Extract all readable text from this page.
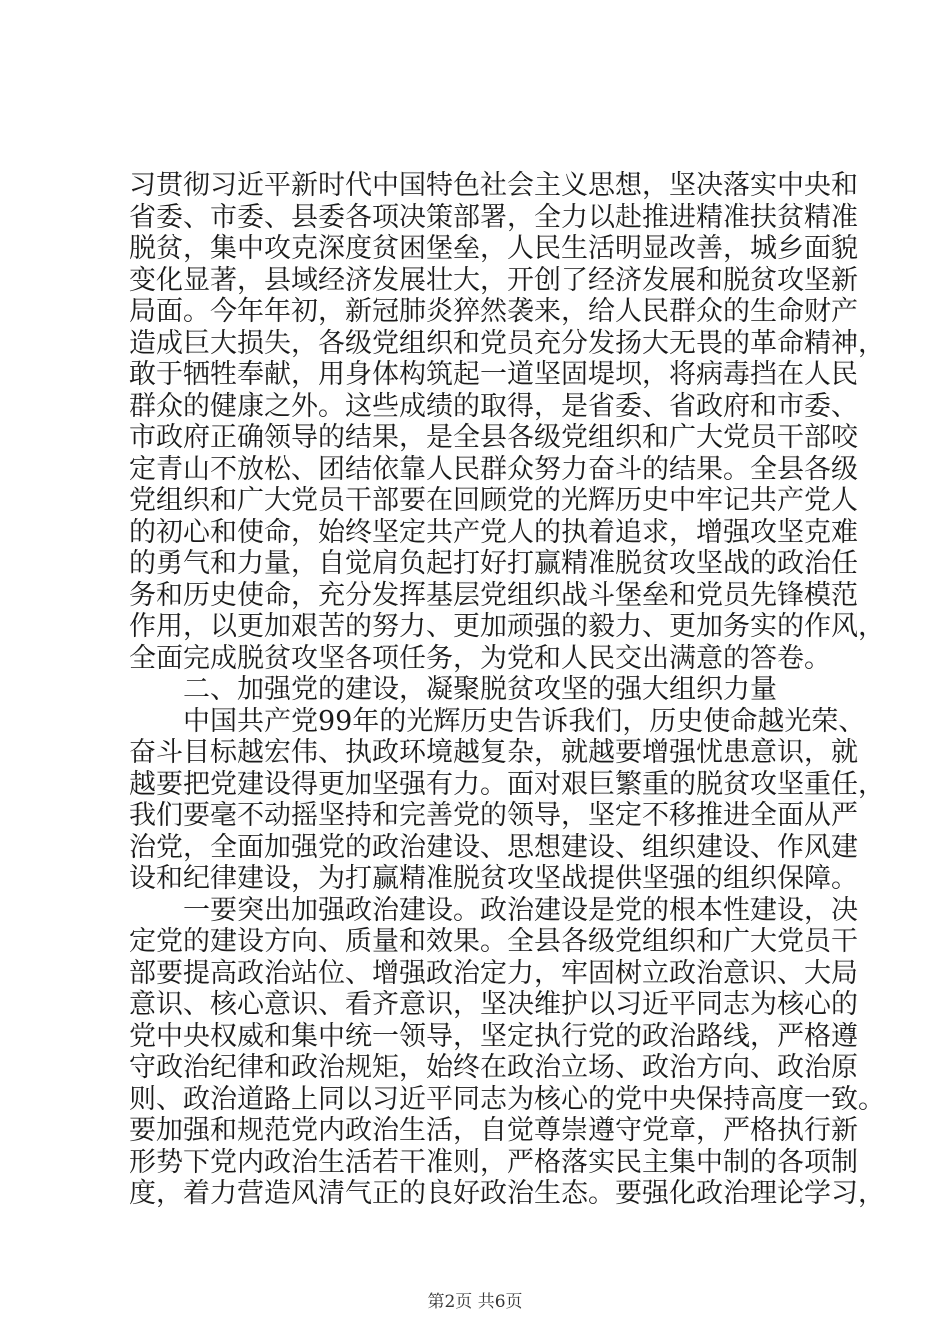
习贯彻习近平新时代中国特色社会主义思想，坚决落实中央和
省委、市委、县委各项决策部署，全力以赴推进精准扶贫精准
脱贫，集中攻克深度贫困堡垒，人民生活明显改善，城乡面貌
变化显著，县域经济发展壮大，开创了经济发展和脱贫攻坚新
局面。今年年初，新冠肺炎猝然袭来，给人民群众的生命财产
造成巨大损失，各级党组织和党员充分发扬大无畏的革命精神，
敢于牺牲奉献，用身体构筑起一道坚固堤坝，将病毒挡在人民
群众的健康之外。这些成绩的取得，是省委、省政府和市委、
市政府正确领导的结果，是全县各级党组织和广大党员干部咬
定青山不放松、团结依靠人民群众努力奋斗的结果。全县各级
党组织和广大党员干部要在回顾党的光辉历史中牢记共产党人
的初心和使命，始终坚定共产党人的执着追求，增强攻坚克难
的勇气和力量，自觉肩负起打好打赢精准脱贫攻坚战的政治任
务和历史使命，充分发挥基层党组织战斗堡垒和党员先锋模范
作用，以更加艰苦的努力、更加顽强的毅力、更加务实的作风，
全面完成脱贫攻坚各项任务，为党和人民交出满意的答卷。
二、加强党的建设，凝聚脱贫攻坚的强大组织力量
中国共产党99年的光辉历史告诉我们，历史使命越光荣、
奋斗目标越宏伟、执政环境越复杂，就越要增强忧患意识，就
越要把党建设得更加坚强有力。面对艰巨繁重的脱贫攻坚重任，
我们要毫不动摇坚持和完善党的领导，坚定不移推进全面从严
治党，全面加强党的政治建设、思想建设、组织建设、作风建
设和纪律建设，为打赢精准脱贫攻坚战提供坚强的组织保障。
一要突出加强政治建设。政治建设是党的根本性建设，决
定党的建设方向、质量和效果。全县各级党组织和广大党员干
部要提高政治站位、增强政治定力，牢固树立政治意识、大局
意识、核心意识、看齐意识，坚决维护以习近平同志为核心的
党中央权威和集中统一领导，坚定执行党的政治路线，严格遵
守政治纪律和政治规矩，始终在政治立场、政治方向、政治原
则、政治道路上同以习近平同志为核心的党中央保持高度一致。
要加强和规范党内政治生活，自觉尊崇遵守党章，严格执行新
形势下党内政治生活若干准则，严格落实民主集中制的各项制
度，着力营造风清气正的良好政治生态。要强化政治理论学习，
第2页 共6页
